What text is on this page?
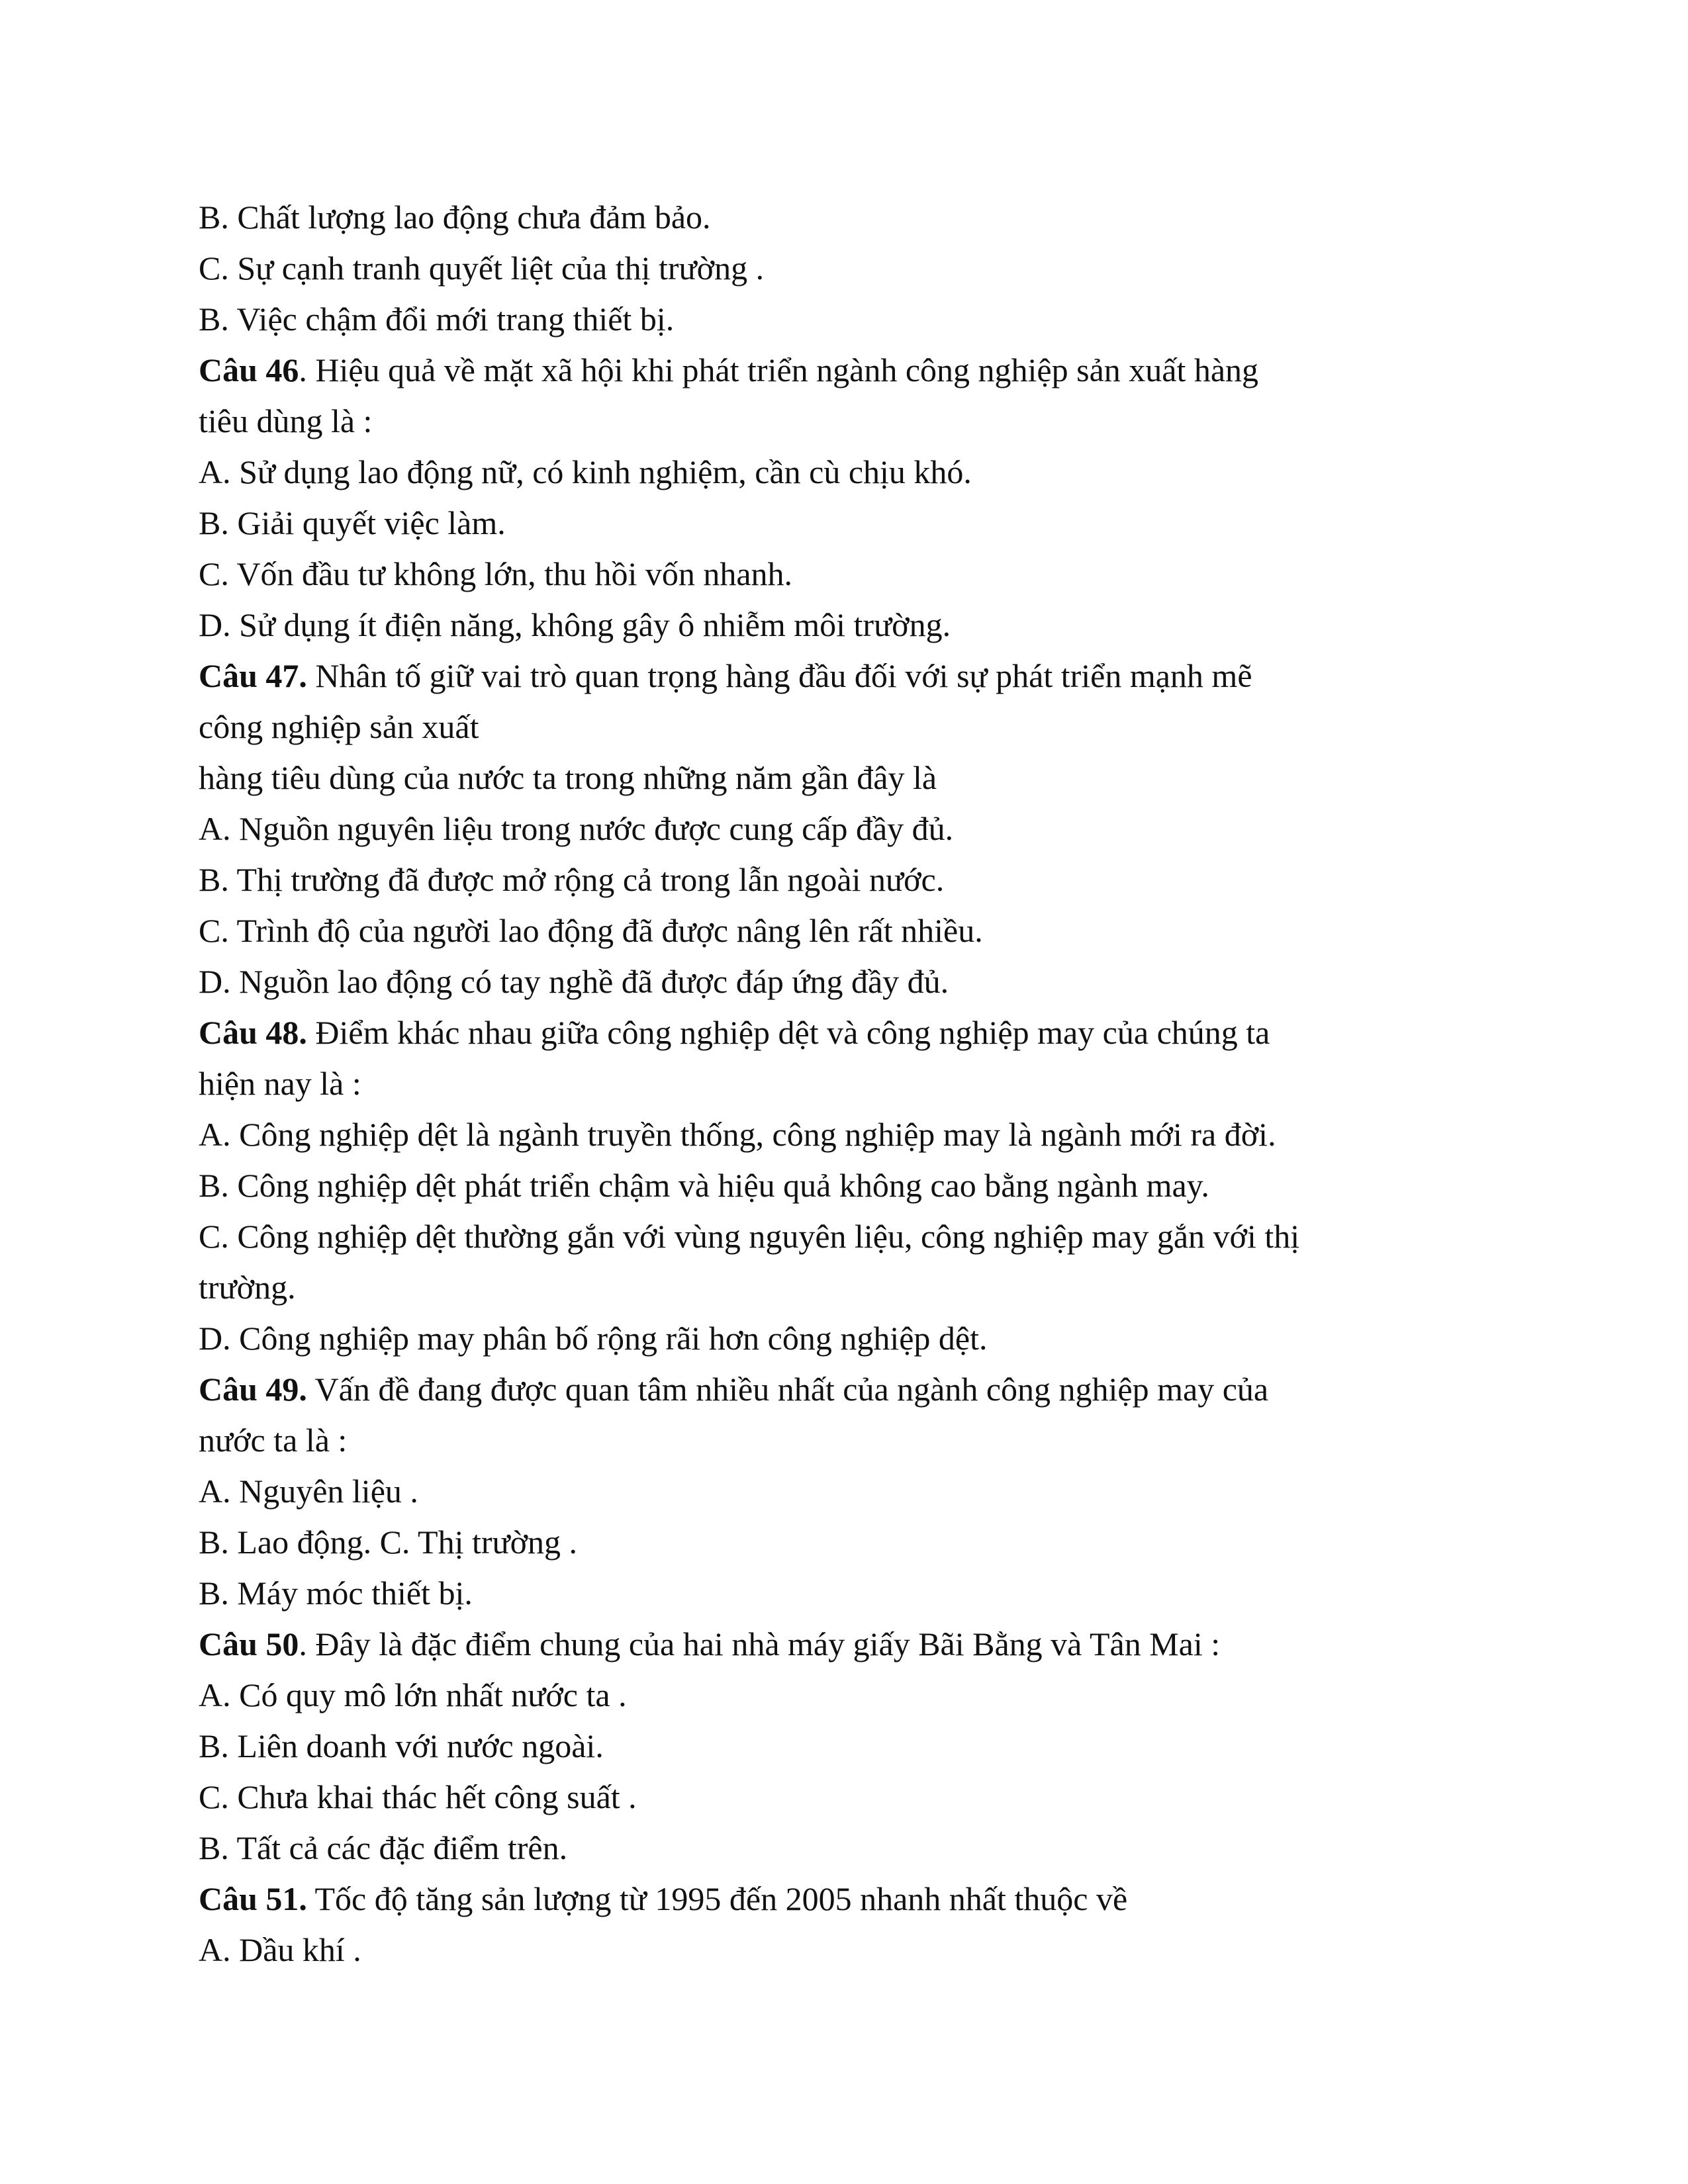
B. Chất lượng lao động chưa đảm bảo.
C. Sự cạnh tranh quyết liệt của thị trường .
B. Việc chậm đổi mới trang thiết bị.
Câu 46. Hiệu quả về mặt xã hội khi phát triển ngành công nghiệp sản xuất hàng
tiêu dùng là :
A. Sử dụng lao động nữ, có kinh nghiệm, cần cù chịu khó.
B. Giải quyết việc làm.
C. Vốn đầu tư không lớn, thu hồi vốn nhanh.
D. Sử dụng ít điện năng, không gây ô nhiễm môi trường.
Câu 47. Nhân tố giữ vai trò quan trọng hàng đầu đối với sự phát triển mạnh mẽ
công nghiệp sản xuất
hàng tiêu dùng của nước ta trong những năm gần đây là
A. Nguồn nguyên liệu trong nước được cung cấp đầy đủ.
B. Thị trường đã được mở rộng cả trong lẫn ngoài nước.
C. Trình độ của người lao động đã được nâng lên rất nhiều.
D. Nguồn lao động có tay nghề đã được đáp ứng đầy đủ.
Câu 48. Điểm khác nhau giữa công nghiệp dệt và công nghiệp may của chúng ta
hiện nay là :
A. Công nghiệp dệt là ngành truyền thống, công nghiệp may là ngành mới ra đời.
B. Công nghiệp dệt phát triển chậm và hiệu quả không cao bằng ngành may.
C. Công nghiệp dệt thường gắn với vùng nguyên liệu, công nghiệp may gắn với thị
trường.
D. Công nghiệp may phân bố rộng rãi hơn công nghiệp dệt.
Câu 49. Vấn đề đang được quan tâm nhiều nhất của ngành công nghiệp may của
nước ta là :
A. Nguyên liệu .
B. Lao động. C. Thị trường .
B. Máy móc thiết bị.
Câu 50. Đây là đặc điểm chung của hai nhà máy giấy Bãi Bằng và Tân Mai :
A. Có quy mô lớn nhất nước ta .
B. Liên doanh với nước ngoài.
C. Chưa khai thác hết công suất .
B. Tất cả các đặc điểm trên.
Câu 51. Tốc độ tăng sản lượng từ 1995 đến 2005 nhanh nhất thuộc về
A. Dầu khí .
